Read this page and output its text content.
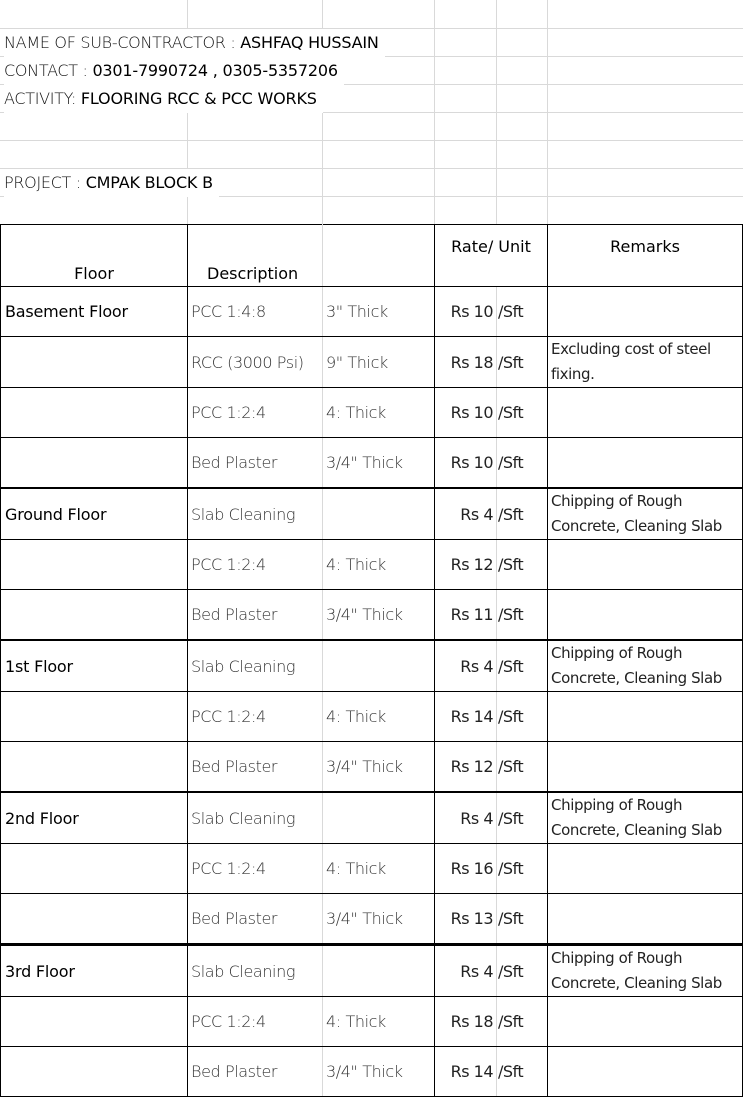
NAME OF SUB-CONTRACTOR : ASHFAQ HUSSAIN
CONTACT : 0301-7990724 , 0305-5357206
ACTIVITY: FLOORING RCC & PCC WORKS
PROJECT : CMPAK BLOCK B
Floor	Description		Rate/ Unit		Remarks
Basement Floor	PCC 1:4:8	3" Thick	Rs 10	/Sft	
	RCC (3000 Psi)	9" Thick	Rs 18	/Sft	Excluding cost of steel fixing.
	PCC 1:2:4	4: Thick	Rs 10	/Sft	
	Bed Plaster	3/4" Thick	Rs 10	/Sft	
Ground Floor	Slab Cleaning		Rs 4	/Sft	Chipping of Rough Concrete, Cleaning Slab
	PCC 1:2:4	4: Thick	Rs 12	/Sft	
	Bed Plaster	3/4" Thick	Rs 11	/Sft	
1st Floor	Slab Cleaning		Rs 4	/Sft	Chipping of Rough Concrete, Cleaning Slab
	PCC 1:2:4	4: Thick	Rs 14	/Sft	
	Bed Plaster	3/4" Thick	Rs 12	/Sft	
2nd Floor	Slab Cleaning		Rs 4	/Sft	Chipping of Rough Concrete, Cleaning Slab
	PCC 1:2:4	4: Thick	Rs 16	/Sft	
	Bed Plaster	3/4" Thick	Rs 13	/Sft	
3rd Floor	Slab Cleaning		Rs 4	/Sft	Chipping of Rough Concrete, Cleaning Slab
	PCC 1:2:4	4: Thick	Rs 18	/Sft	
	Bed Plaster	3/4" Thick	Rs 14	/Sft	
